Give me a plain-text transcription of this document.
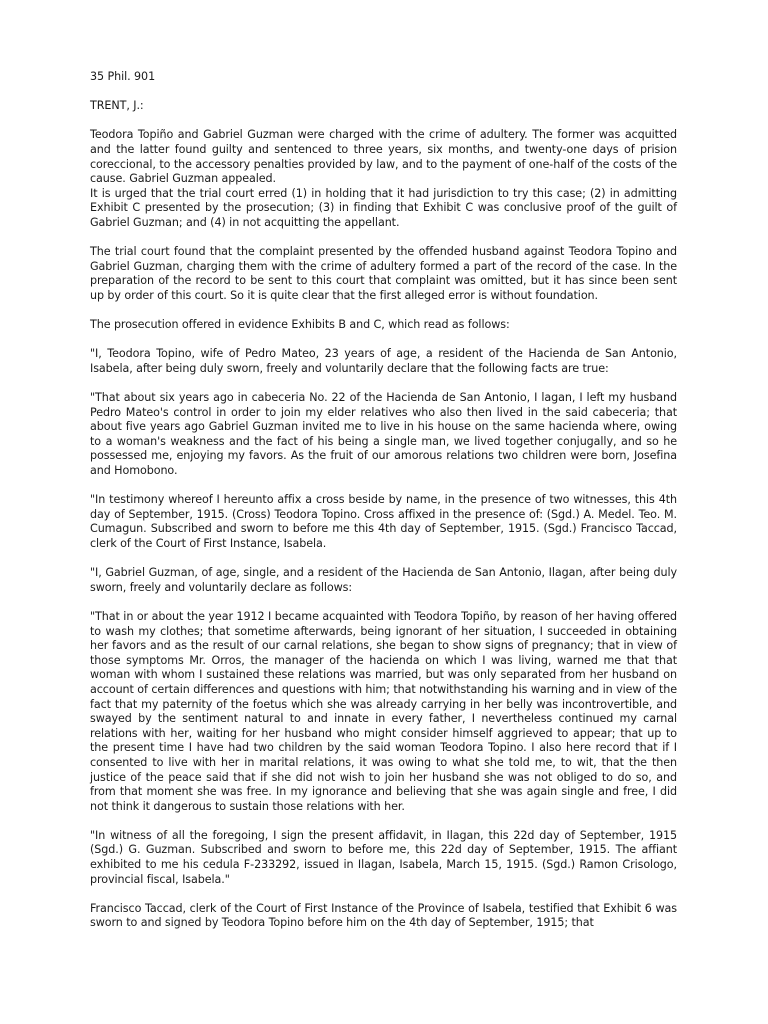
35 Phil. 901

TRENT, J.:

Teodora Topiño and Gabriel Guzman were charged with the crime of adultery. The former was acquitted and the latter found guilty and sentenced to three years, six months, and twenty-one days of prision coreccional, to the accessory penalties provided by law, and to the payment of one-half of the costs of the cause. Gabriel Guzman appealed.

It is urged that the trial court erred (1) in holding that it had jurisdiction to try this case; (2) in admitting Exhibit C presented by the prosecution; (3) in finding that Exhibit C was conclusive proof of the guilt of Gabriel Guzman; and (4) in not acquitting the appellant.

The trial court found that the complaint presented by the offended husband against Teodora Topino and Gabriel Guzman, charging them with the crime of adultery formed a part of the record of the case. In the preparation of the record to be sent to this court that complaint was omitted, but it has since been sent up by order of this court. So it is quite clear that the first alleged error is without foundation.

The prosecution offered in evidence Exhibits B and C, which read as follows:

"I, Teodora Topino, wife of Pedro Mateo, 23 years of age, a resident of the Hacienda de San Antonio, Isabela, after being duly sworn, freely and voluntarily declare that the following facts are true:

"That about six years ago in cabeceria No. 22 of the Hacienda de San Antonio, I lagan, I left my husband Pedro Mateo's control in order to join my elder relatives who also then lived in the said cabeceria; that about five years ago Gabriel Guzman invited me to live in his house on the same hacienda where, owing to a woman's weakness and the fact of his being a single man, we lived together conjugally, and so he possessed me, enjoying my favors. As the fruit of our amorous relations two children were born, Josefina and Homobono.

"In testimony whereof I hereunto affix a cross beside by name, in the presence of two witnesses, this 4th day of September, 1915. (Cross) Teodora Topino. Cross affixed in the presence of: (Sgd.) A. Medel. Teo. M. Cumagun. Subscribed and sworn to before me this 4th day of September, 1915. (Sgd.) Francisco Taccad, clerk of the Court of First Instance, Isabela.

"I, Gabriel Guzman, of age, single, and a resident of the Hacienda de San Antonio, Ilagan, after being duly sworn, freely and voluntarily declare as follows:

"That in or about the year 1912 I became acquainted with Teodora Topiño, by reason of her having offered to wash my clothes; that sometime afterwards, being ignorant of her situation, I succeeded in obtaining her favors and as the result of our carnal relations, she began to show signs of pregnancy; that in view of those symptoms Mr. Orros, the manager of the hacienda on which I was living, warned me that that woman with whom I sustained these relations was married, but was only separated from her husband on account of certain differences and questions with him; that notwithstanding his warning and in view of the fact that my paternity of the foetus which she was already carrying in her belly was incontrovertible, and swayed by the sentiment natural to and innate in every father, I nevertheless continued my carnal relations with her, waiting for her husband who might consider himself aggrieved to appear; that up to the present time I have had two children by the said woman Teodora Topino. I also here record that if I consented to live with her in marital relations, it was owing to what she told me, to wit, that the then justice of the peace said that if she did not wish to join her husband she was not obliged to do so, and from that moment she was free. In my ignorance and believing that she was again single and free, I did not think it dangerous to sustain those relations with her.

"In witness of all the foregoing, I sign the present affidavit, in Ilagan, this 22d day of September, 1915 (Sgd.) G. Guzman. Subscribed and sworn to before me, this 22d day of September, 1915. The affiant exhibited to me his cedula F-233292, issued in Ilagan, Isabela, March 15, 1915. (Sgd.) Ramon Crisologo, provincial fiscal, Isabela."

Francisco Taccad, clerk of the Court of First Instance of the Province of Isabela, testified that Exhibit 6 was sworn to and signed by Teodora Topino before him on the 4th day of September, 1915; that
